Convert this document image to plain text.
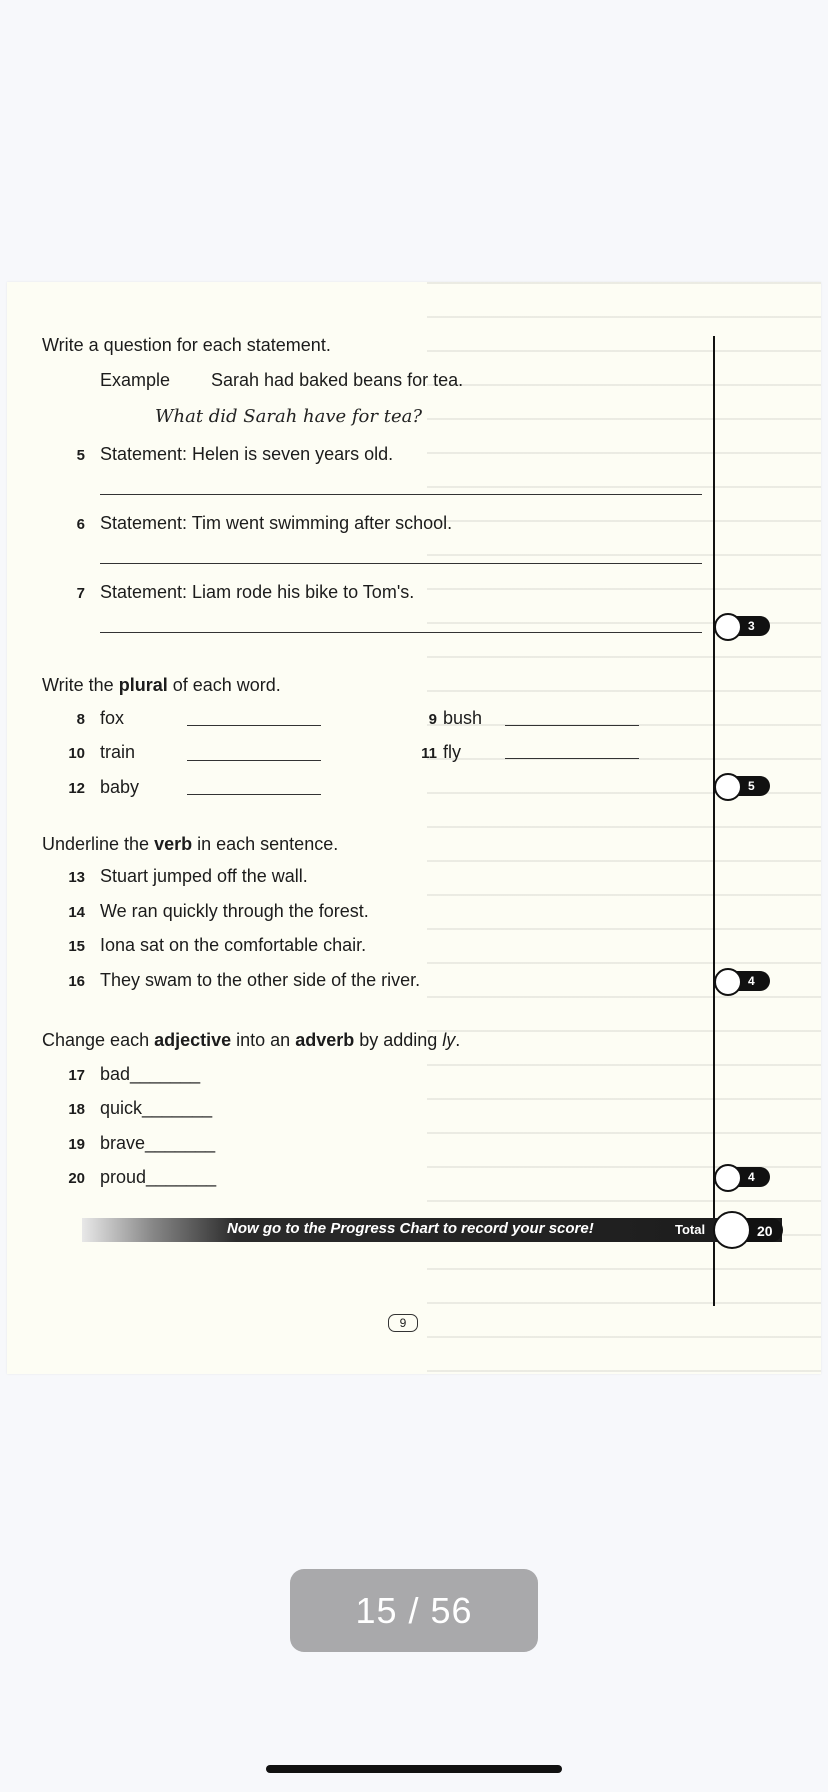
Write a question for each statement.
Example Sarah had baked beans for tea.
What did Sarah have for tea?
5 Statement: Helen is seven years old.
6 Statement: Tim went swimming after school.
7 Statement: Liam rode his bike to Tom's.
3
Write the plural of each word.
8 fox	9 bush
10 train	11 fly
12 baby	5
Underline the verb in each sentence.
13 Stuart jumped off the wall.
14 We ran quickly through the forest.
15 Iona sat on the comfortable chair.
16 They swam to the other side of the river.	4
Change each adjective into an adverb by adding ly.
17 bad_______
18 quick_______
19 brave_______
20 proud_______	4
Now go to the Progress Chart to record your score!	Total	20
9
15 / 56
